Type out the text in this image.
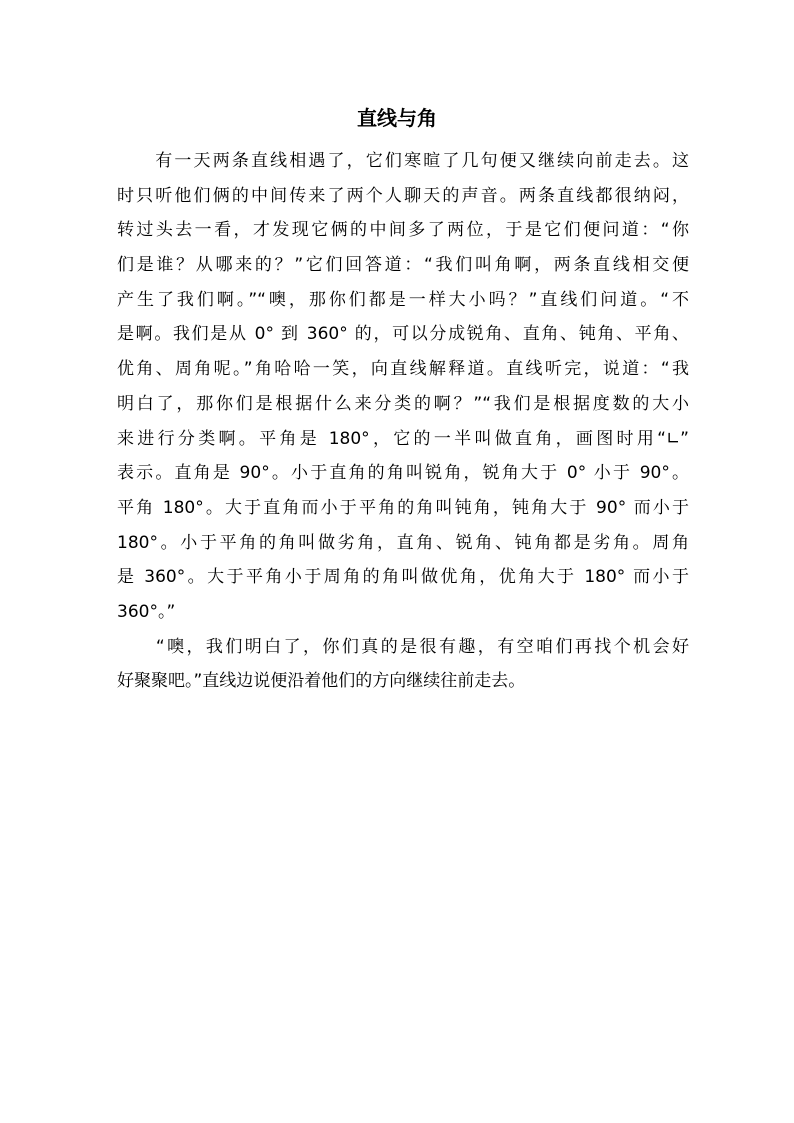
直线与角
　　有一天两条直线相遇了，它们寒暄了几句便又继续向前走去。这
时只听他们俩的中间传来了两个人聊天的声音。两条直线都很纳闷，
转过头去一看，才发现它俩的中间多了两位，于是它们便问道：“你
们是谁？从哪来的？”它们回答道：“我们叫角啊，两条直线相交便
产生了我们啊。”“噢，那你们都是一样大小吗？”直线们问道。“不
是啊。我们是从 0° 到 360° 的，可以分成锐角、直角、钝角、平角、
优角、周角呢。”角哈哈一笑，向直线解释道。直线听完，说道：“我
明白了，那你们是根据什么来分类的啊？”“我们是根据度数的大小
来进行分类啊。平角是 180°，它的一半叫做直角，画图时用“∟”
表示。直角是 90°。小于直角的角叫锐角，锐角大于 0° 小于 90°。
平角 180°。大于直角而小于平角的角叫钝角，钝角大于 90° 而小于
180°。小于平角的角叫做劣角，直角、锐角、钝角都是劣角。周角
是 360°。大于平角小于周角的角叫做优角，优角大于 180° 而小于
360°。”
　　“噢，我们明白了，你们真的是很有趣，有空咱们再找个机会好
好聚聚吧。”直线边说便沿着他们的方向继续往前走去。
